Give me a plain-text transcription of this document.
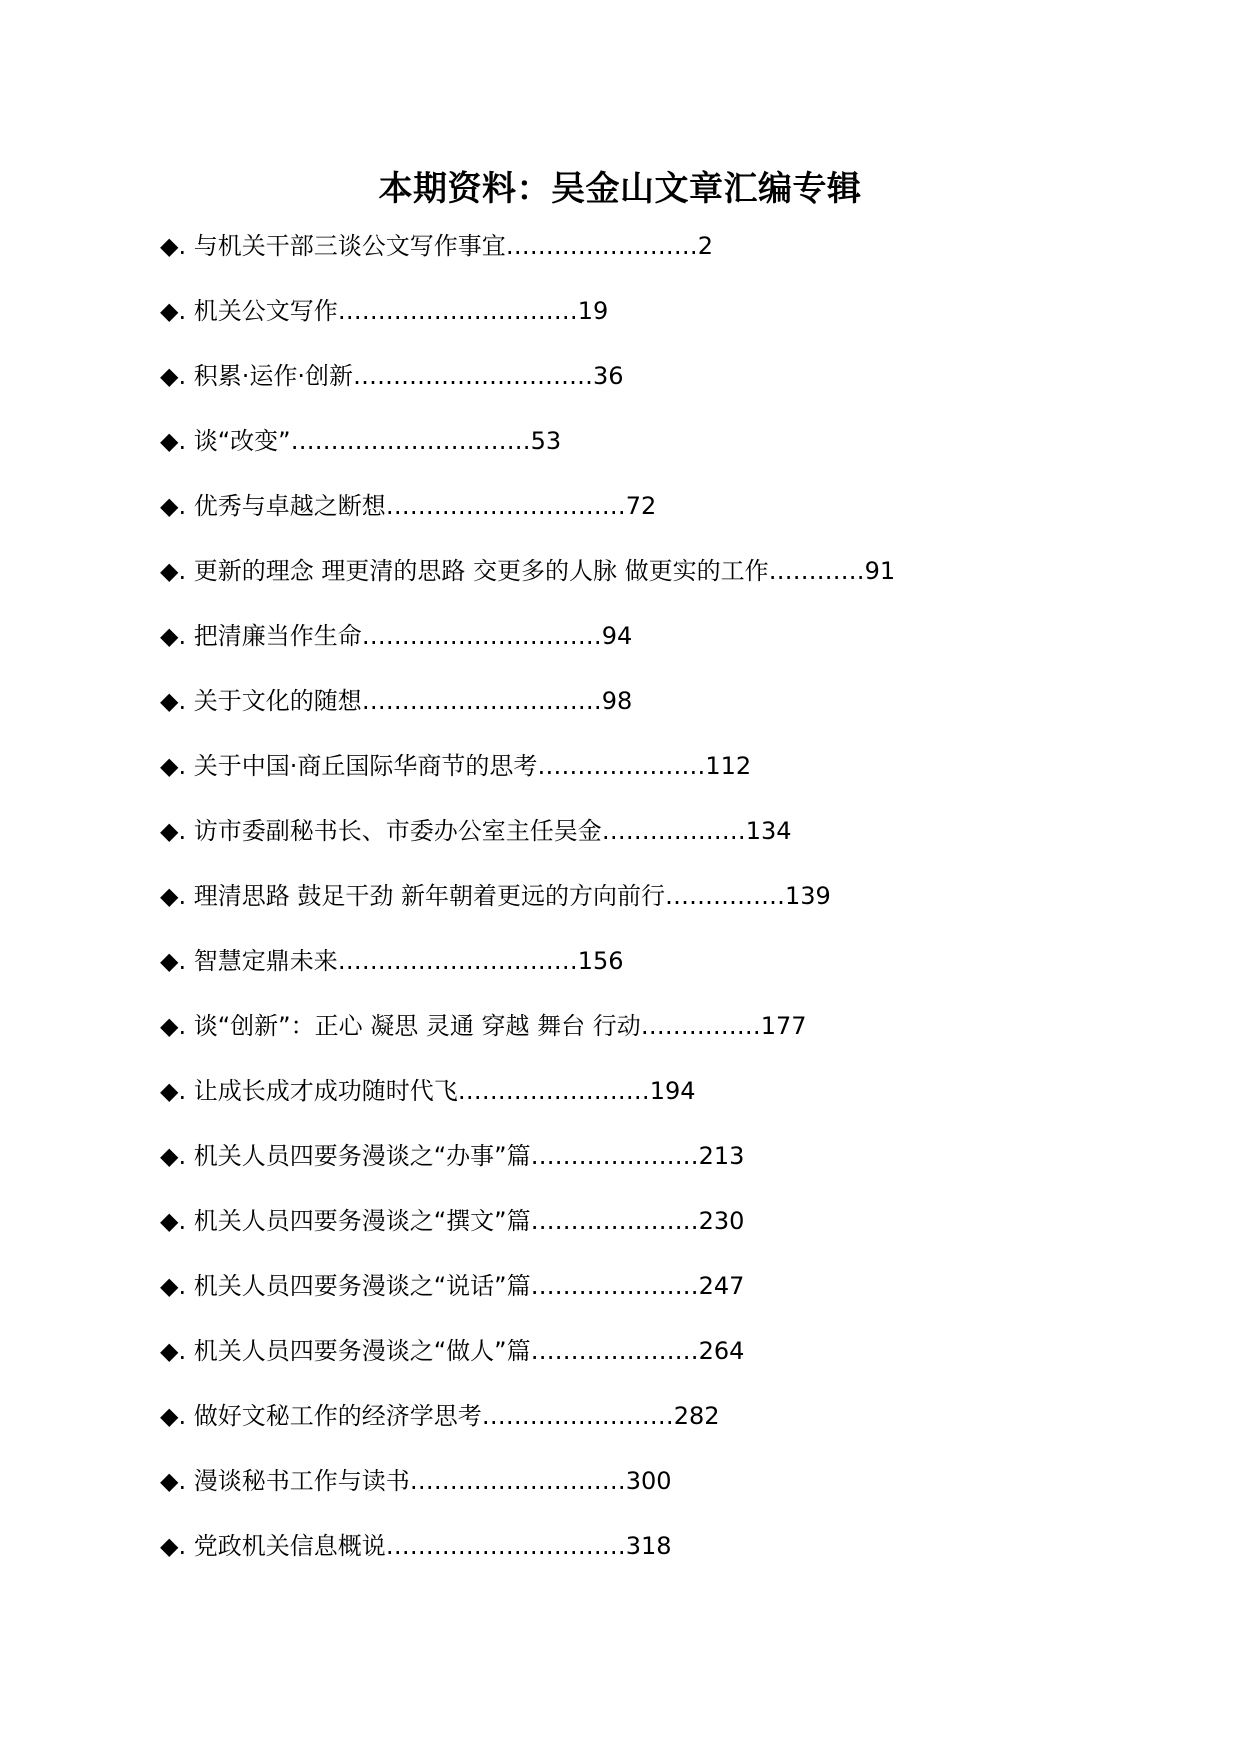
本期资料：吴金山文章汇编专辑
◆. 与机关干部三谈公文写作事宜……………………2
◆. 机关公文写作…………………………19
◆. 积累·运作·创新…………………………36
◆. 谈“改变”…………………………53
◆. 优秀与卓越之断想…………………………72
◆. 更新的理念 理更清的思路 交更多的人脉 做更实的工作…………91
◆. 把清廉当作生命…………………………94
◆. 关于文化的随想…………………………98
◆. 关于中国·商丘国际华商节的思考…………………112
◆. 访市委副秘书长、市委办公室主任吴金………………134
◆. 理清思路 鼓足干劲 新年朝着更远的方向前行……………139
◆. 智慧定鼎未来…………………………156
◆. 谈“创新”：正心 凝思 灵通 穿越 舞台 行动……………177
◆. 让成长成才成功随时代飞……………………194
◆. 机关人员四要务漫谈之“办事”篇…………………213
◆. 机关人员四要务漫谈之“撰文”篇…………………230
◆. 机关人员四要务漫谈之“说话”篇…………………247
◆. 机关人员四要务漫谈之“做人”篇…………………264
◆. 做好文秘工作的经济学思考……………………282
◆. 漫谈秘书工作与读书………………………300
◆. 党政机关信息概说…………………………318
